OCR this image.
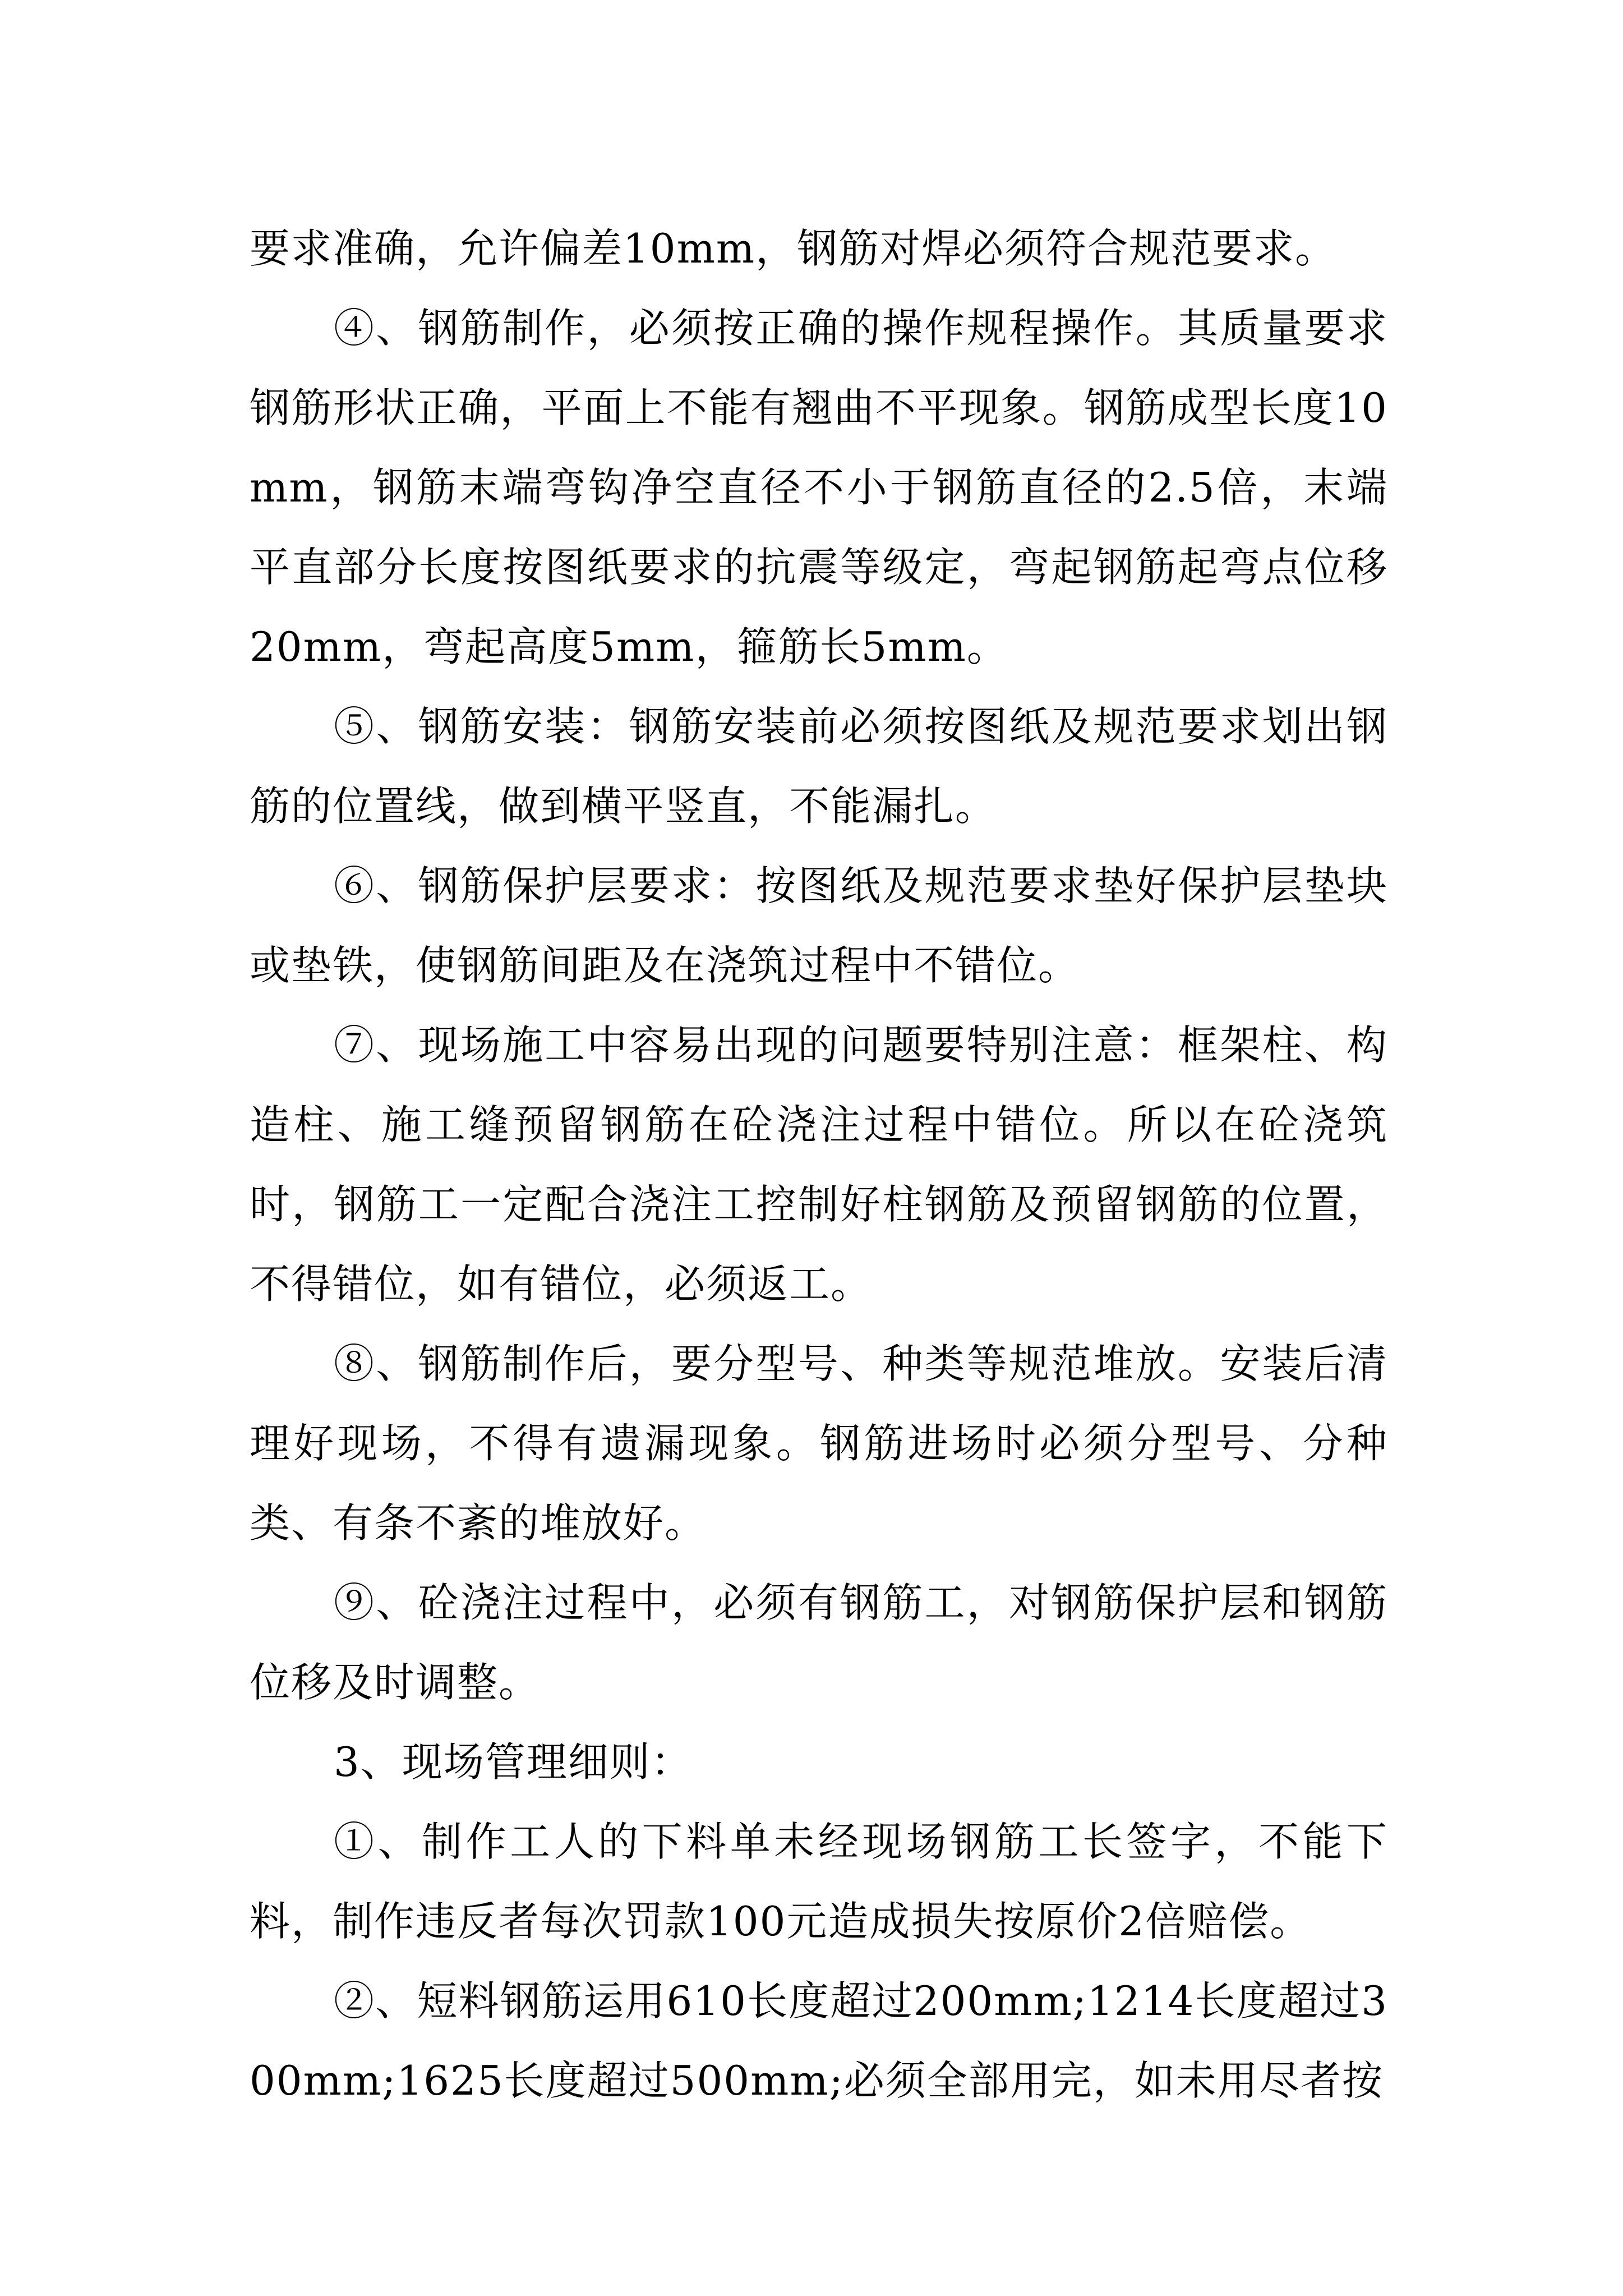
要求准确，允许偏差10mm，钢筋对焊必须符合规范要求。

④、钢筋制作，必须按正确的操作规程操作。其质量要求钢筋形状正确，平面上不能有翘曲不平现象。钢筋成型长度10mm，钢筋末端弯钩净空直径不小于钢筋直径的2.5倍，末端平直部分长度按图纸要求的抗震等级定，弯起钢筋起弯点位移20mm，弯起高度5mm，箍筋长5mm。

⑤、钢筋安装：钢筋安装前必须按图纸及规范要求划出钢筋的位置线，做到横平竖直，不能漏扎。

⑥、钢筋保护层要求：按图纸及规范要求垫好保护层垫块或垫铁，使钢筋间距及在浇筑过程中不错位。

⑦、现场施工中容易出现的问题要特别注意：框架柱、构造柱、施工缝预留钢筋在砼浇注过程中错位。所以在砼浇筑时，钢筋工一定配合浇注工控制好柱钢筋及预留钢筋的位置，不得错位，如有错位，必须返工。

⑧、钢筋制作后，要分型号、种类等规范堆放。安装后清理好现场，不得有遗漏现象。钢筋进场时必须分型号、分种类、有条不紊的堆放好。

⑨、砼浇注过程中，必须有钢筋工，对钢筋保护层和钢筋位移及时调整。

3、现场管理细则：

①、制作工人的下料单未经现场钢筋工长签字，不能下料，制作违反者每次罚款100元造成损失按原价2倍赔偿。

②、短料钢筋运用610长度超过200mm;1214长度超过300mm;1625长度超过500mm;必须全部用完，如未用尽者按
